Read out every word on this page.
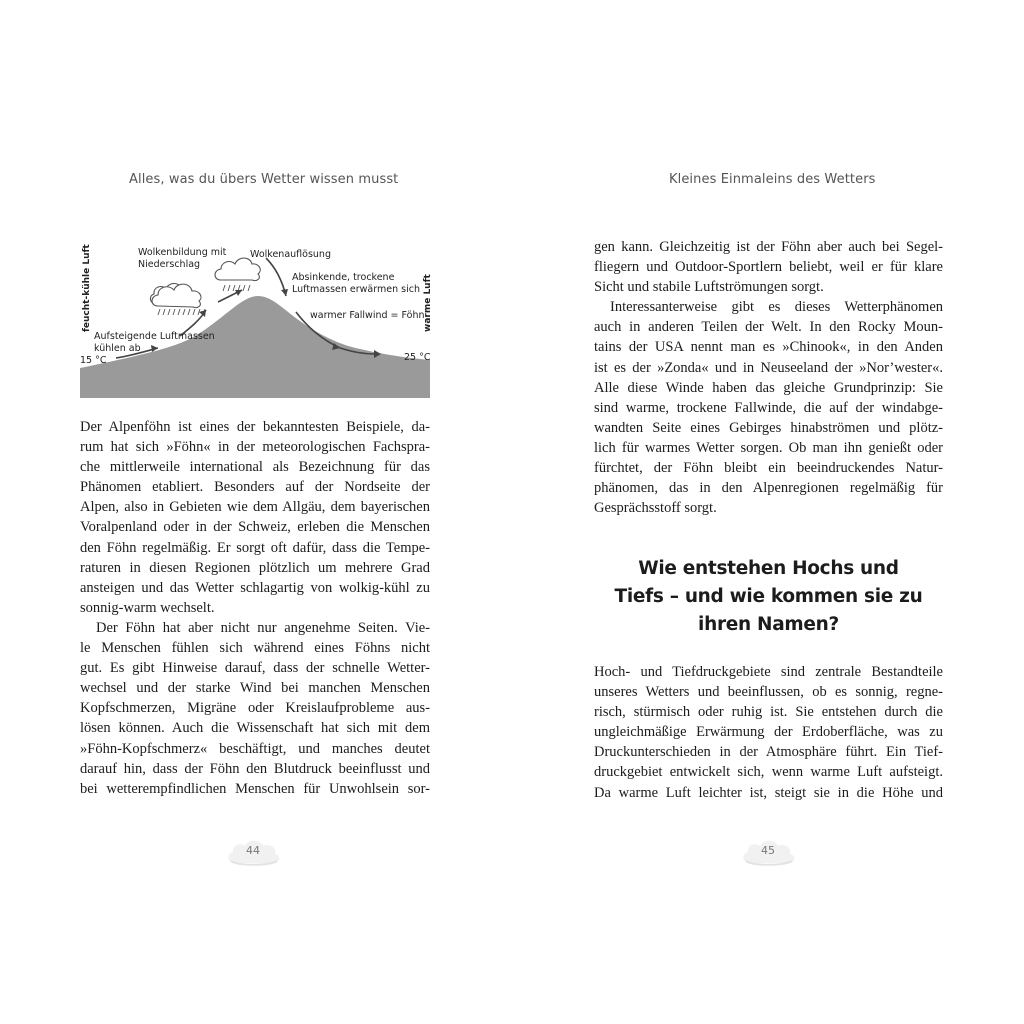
Alles, was du übers Wetter wissen musst	Kleines Einmaleins des Wetters
feucht-kühle Luft	warme Luft
Wolkenbildung mit
Niederschlag
Wolkenauflösung
Absinkende, trockene
Luftmassen erwärmen sich
warmer Fallwind = Föhn
Aufsteigende Luftmassen
kühlen ab
15 °C	25 °C

Der Alpenföhn ist eines der bekanntesten Beispiele, da-

rum hat sich »Föhn« in der meteorologischen Fachspra-

che mittlerweile international als Bezeichnung für das

Phänomen etabliert. Besonders auf der Nordseite der

Alpen, also in Gebieten wie dem Allgäu, dem bayerischen

Voralpenland oder in der Schweiz, erleben die Menschen

den Föhn regelmäßig. Er sorgt oft dafür, dass die Tempe-

raturen in diesen Regionen plötzlich um mehrere Grad

ansteigen und das Wetter schlagartig von wolkig-kühl zu

sonnig-warm wechselt.

Der Föhn hat aber nicht nur angenehme Seiten. Vie-

le Menschen fühlen sich während eines Föhns nicht

gut. Es gibt Hinweise darauf, dass der schnelle Wetter-

wechsel und der starke Wind bei manchen Menschen

Kopfschmerzen, Migräne oder Kreislaufprobleme aus-

lösen können. Auch die Wissenschaft hat sich mit dem

»Föhn-Kopfschmerz« beschäftigt, und manches deutet

darauf hin, dass der Föhn den Blutdruck beeinflusst und

bei wetterempfindlichen Menschen für Unwohlsein sor-

gen kann. Gleichzeitig ist der Föhn aber auch bei Segel-

fliegern und Outdoor-Sportlern beliebt, weil er für klare

Sicht und stabile Luftströmungen sorgt.

Interessanterweise gibt es dieses Wetterphänomen

auch in anderen Teilen der Welt. In den Rocky Moun-

tains der USA nennt man es »Chinook«, in den Anden

ist es der »Zonda« und in Neuseeland der »Nor’wester«.

Alle diese Winde haben das gleiche Grundprinzip: Sie

sind warme, trockene Fallwinde, die auf der windabge-

wandten Seite eines Gebirges hinabströmen und plötz-

lich für warmes Wetter sorgen. Ob man ihn genießt oder

fürchtet, der Föhn bleibt ein beeindruckendes Natur-

phänomen, das in den Alpenregionen regelmäßig für

Gesprächsstoff sorgt.

Wie entstehen Hochs und
Tiefs – und wie kommen sie zu
ihren Namen?

Hoch- und Tiefdruckgebiete sind zentrale Bestandteile

unseres Wetters und beeinflussen, ob es sonnig, regne-

risch, stürmisch oder ruhig ist. Sie entstehen durch die

ungleichmäßige Erwärmung der Erdoberfläche, was zu

Druckunterschieden in der Atmosphäre führt. Ein Tief-

druckgebiet entwickelt sich, wenn warme Luft aufsteigt.

Da warme Luft leichter ist, steigt sie in die Höhe und

44	45
